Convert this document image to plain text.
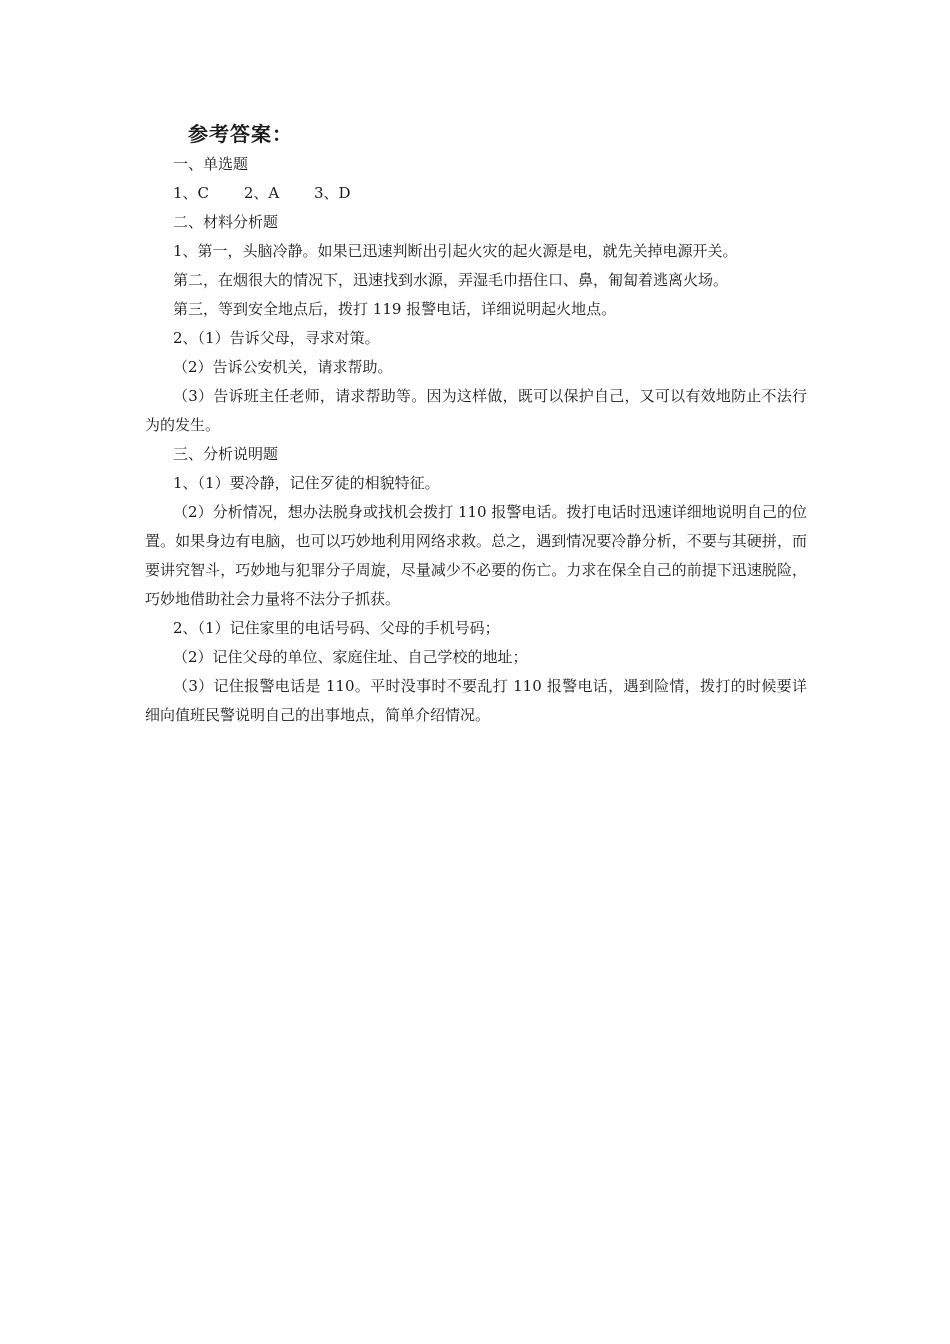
参考答案：

一、单选题

1、C 2、A 3、D

二、材料分析题

1、第一，头脑冷静。如果已迅速判断出引起火灾的起火源是电，就先关掉电源开关。

第二，在烟很大的情况下，迅速找到水源，弄湿毛巾捂住口、鼻，匍匐着逃离火场。

第三，等到安全地点后，拨打 119 报警电话，详细说明起火地点。

2、（1）告诉父母，寻求对策。

（2）告诉公安机关，请求帮助。

（3）告诉班主任老师，请求帮助等。因为这样做，既可以保护自己，又可以有效地防止不法行为的发生。

三、分析说明题

1、（1）要冷静，记住歹徒的相貌特征。

（2）分析情况，想办法脱身或找机会拨打 110 报警电话。拨打电话时迅速详细地说明自己的位置。如果身边有电脑，也可以巧妙地利用网络求救。总之，遇到情况要冷静分析，不要与其硬拼，而要讲究智斗，巧妙地与犯罪分子周旋，尽量减少不必要的伤亡。力求在保全自己的前提下迅速脱险，巧妙地借助社会力量将不法分子抓获。

2、（1）记住家里的电话号码、父母的手机号码；

（2）记住父母的单位、家庭住址、自己学校的地址；

（3）记住报警电话是 110。平时没事时不要乱打 110 报警电话，遇到险情，拨打的时候要详细向值班民警说明自己的出事地点，简单介绍情况。
